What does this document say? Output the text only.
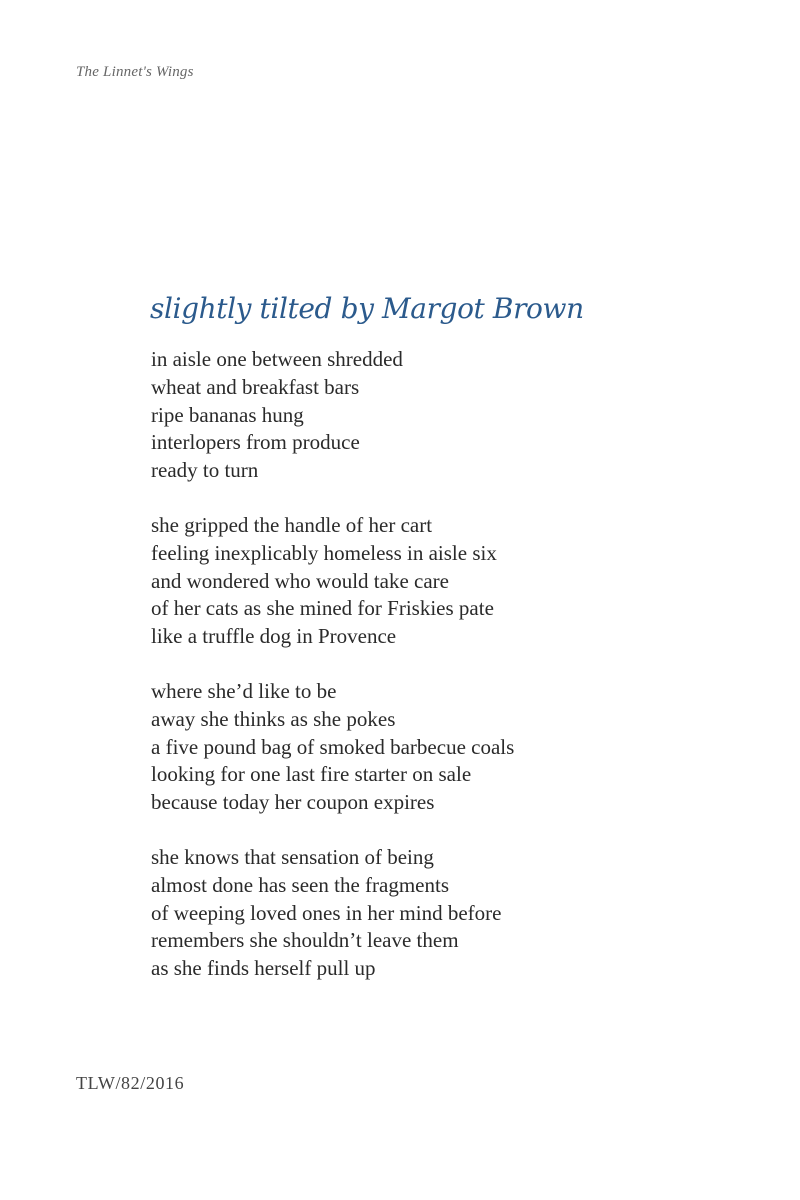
The Linnet's Wings
slightly tilted by Margot Brown
in aisle one between shredded
wheat and breakfast bars
ripe bananas hung
interlopers from produce
ready to turn
she gripped the handle of her cart
feeling inexplicably homeless in aisle six
and wondered who would take care
of her cats as she mined for Friskies pate
like a truffle dog in Provence
where she’d like to be
away she thinks as she pokes
a five pound bag of smoked barbecue coals
looking for one last fire starter on sale
because today her coupon expires
she knows that sensation of being
almost done has seen the fragments
of weeping loved ones in her mind before
remembers she shouldn’t leave them
as she finds herself pull up
TLW/82/2016
